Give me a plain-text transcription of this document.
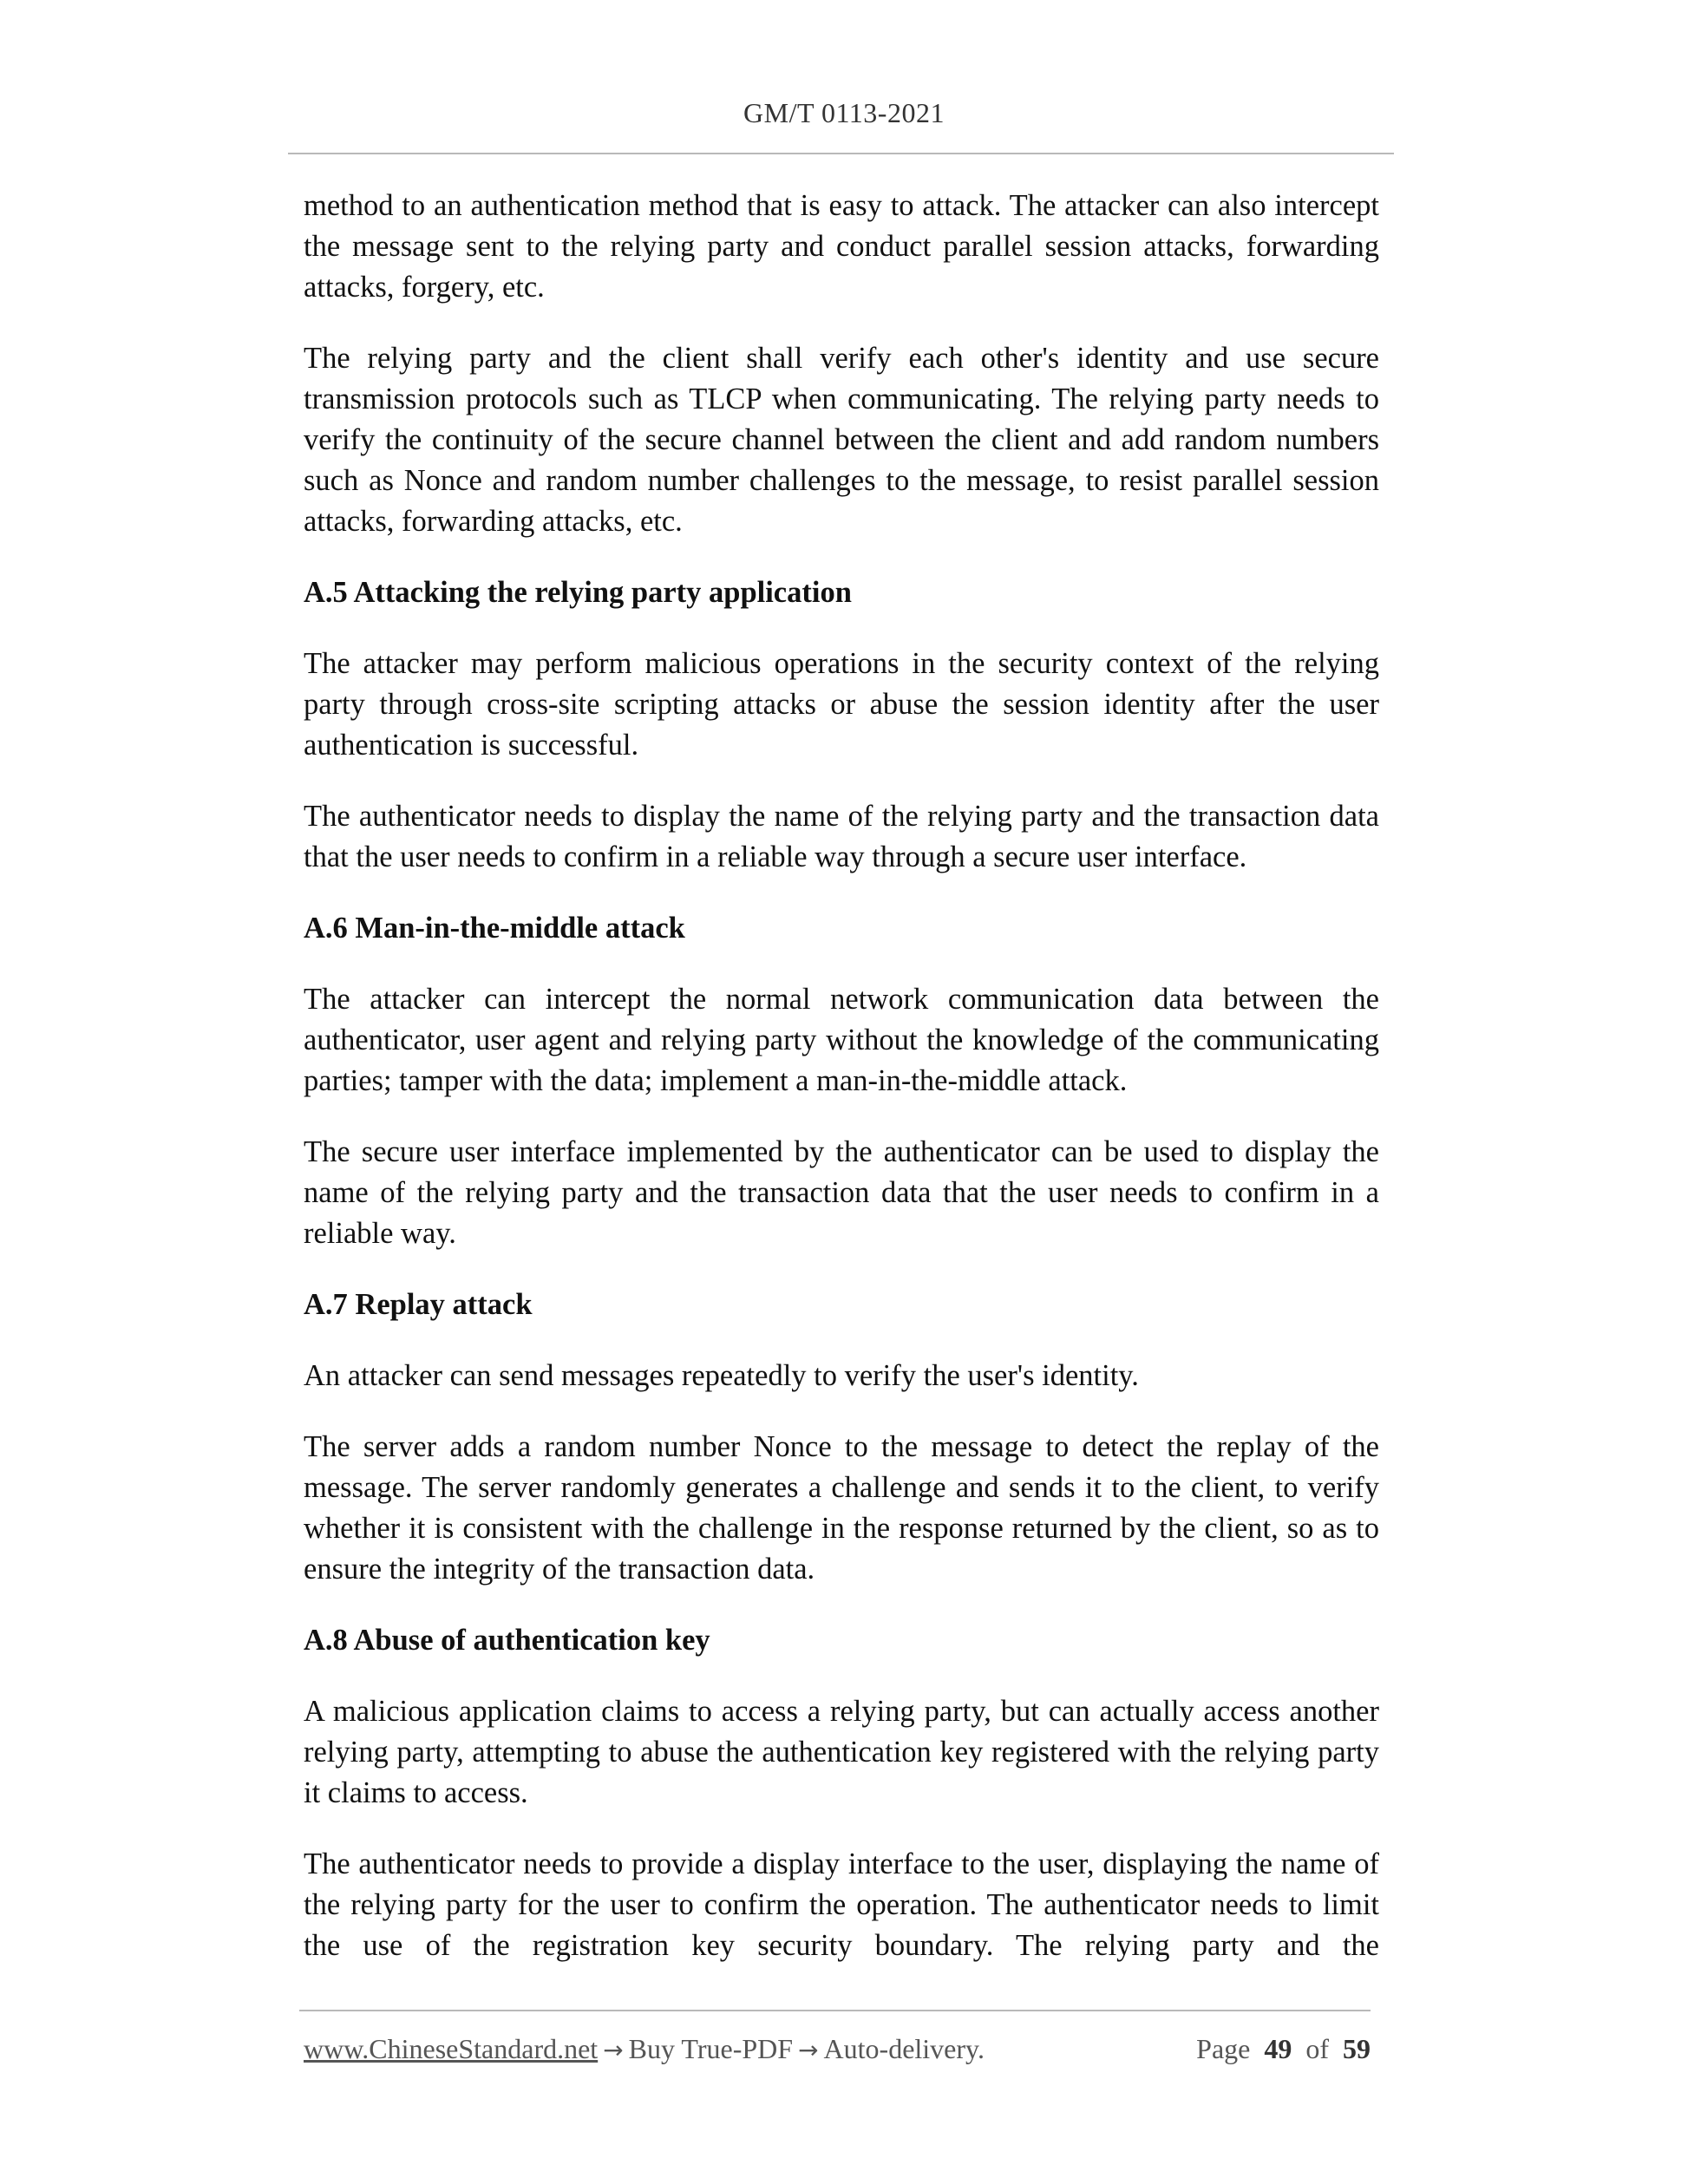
GM/T 0113-2021

method to an authentication method that is easy to attack. The attacker can also intercept the message sent to the relying party and conduct parallel session attacks, forwarding attacks, forgery, etc.

The relying party and the client shall verify each other's identity and use secure transmission protocols such as TLCP when communicating. The relying party needs to verify the continuity of the secure channel between the client and add random numbers such as Nonce and random number challenges to the message, to resist parallel session attacks, forwarding attacks, etc.

A.5 Attacking the relying party application

The attacker may perform malicious operations in the security context of the relying party through cross-site scripting attacks or abuse the session identity after the user authentication is successful.

The authenticator needs to display the name of the relying party and the transaction data that the user needs to confirm in a reliable way through a secure user interface.

A.6 Man-in-the-middle attack

The attacker can intercept the normal network communication data between the authenticator, user agent and relying party without the knowledge of the communicating parties; tamper with the data; implement a man-in-the-middle attack.

The secure user interface implemented by the authenticator can be used to display the name of the relying party and the transaction data that the user needs to confirm in a reliable way.

A.7 Replay attack

An attacker can send messages repeatedly to verify the user's identity.

The server adds a random number Nonce to the message to detect the replay of the message. The server randomly generates a challenge and sends it to the client, to verify whether it is consistent with the challenge in the response returned by the client, so as to ensure the integrity of the transaction data.

A.8 Abuse of authentication key

A malicious application claims to access a relying party, but can actually access another relying party, attempting to abuse the authentication key registered with the relying party it claims to access.

The authenticator needs to provide a display interface to the user, displaying the name of the relying party for the user to confirm the operation. The authenticator needs to limit the use of the registration key security boundary. The relying party and the

www.ChineseStandard.net → Buy True-PDF → Auto-delivery.	Page 49 of 59
